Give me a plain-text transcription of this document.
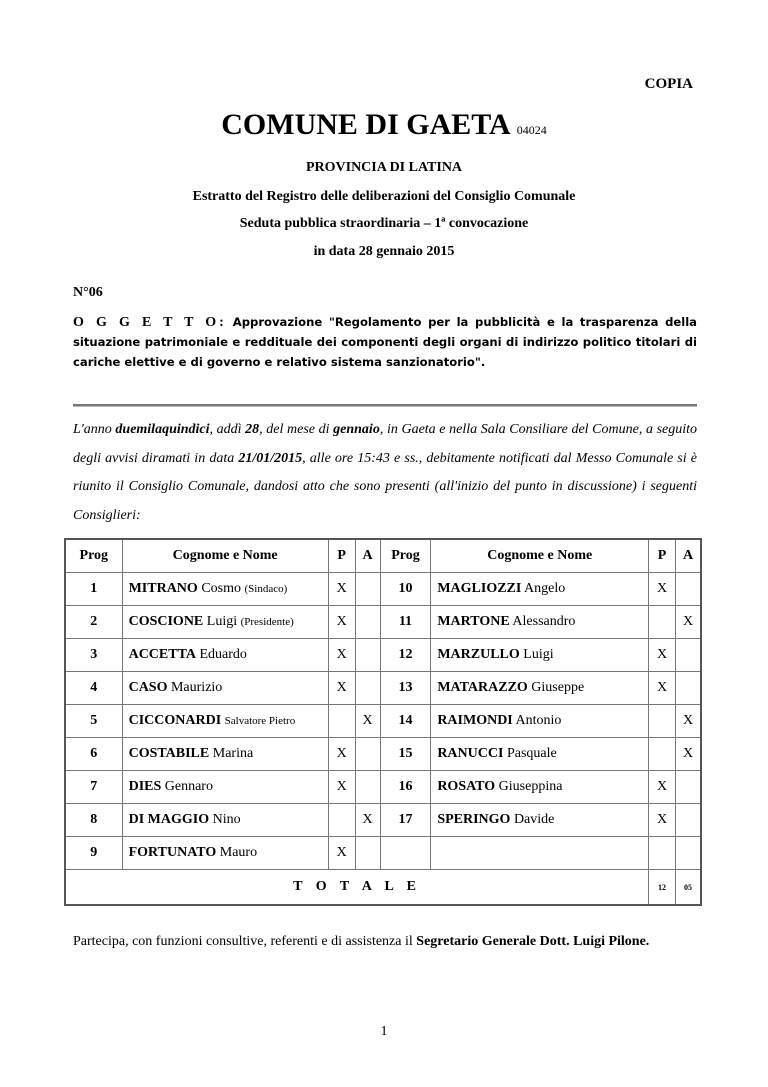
COPIA
COMUNE DI GAETA 04024
PROVINCIA DI LATINA
Estratto del Registro delle deliberazioni del Consiglio Comunale
Seduta pubblica straordinaria – 1ª convocazione
in data 28 gennaio 2015
N°06
O G G E T T O: Approvazione "Regolamento per la pubblicità e la trasparenza della situazione patrimoniale e reddituale dei componenti degli organi di indirizzo politico titolari di cariche elettive e di governo e relativo sistema sanzionatorio".
L'anno duemilaquindici, addì 28, del mese di gennaio, in Gaeta e nella Sala Consiliare del Comune, a seguito degli avvisi diramati in data 21/01/2015, alle ore 15:43 e ss., debitamente notificati dal Messo Comunale si è riunito il Consiglio Comunale, dandosi atto che sono presenti (all'inizio del punto in discussione) i seguenti Consiglieri:
Prog	Cognome e Nome	P	A	Prog	Cognome e Nome	P	A
1	MITRANO Cosmo (Sindaco)	X		10	MAGLIOZZI Angelo	X	
2	COSCIONE Luigi (Presidente)	X		11	MARTONE Alessandro		X
3	ACCETTA Eduardo	X		12	MARZULLO Luigi	X	
4	CASO Maurizio	X		13	MATARAZZO Giuseppe	X	
5	CICCONARDI Salvatore Pietro		X	14	RAIMONDI Antonio		X
6	COSTABILE Marina	X		15	RANUCCI Pasquale		X
7	DIES Gennaro	X		16	ROSATO Giuseppina	X	
8	DI MAGGIO Nino		X	17	SPERINGO Davide	X	
9	FORTUNATO Mauro	X					
T O T A L E						12	05
Partecipa, con funzioni consultive, referenti e di assistenza il Segretario Generale Dott. Luigi Pilone.
1
